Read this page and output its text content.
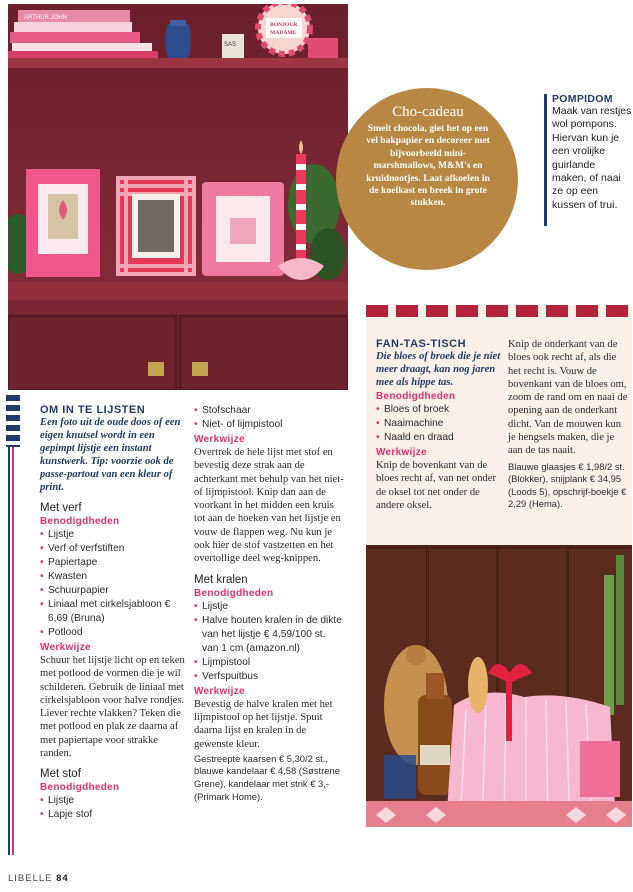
ARTHUR JOHN
SAS
BONJOUR
MADAME
Cho-cadeau
Smelt chocola, giet het op een vel bakpapier en decoreer met bijvoorbeeld mini-marshmallows, M&M's en kruidnootjes. Laat afkoelen in de koelkast en breek in grote stukken.
POMPIDOM
Maak van restjes wol pompons. Hiervan kun je een vrolijke guirlande maken, of naai ze op een kussen of trui.
FAN-TAS-TISCH
Die bloes of broek die je niet meer draagt, kan nog jaren mee als hippe tas.
Benodigdheden
• Bloes of broek
• Naaimachine
• Naald en draad
Werkwijze

Knip de bovenkant van de bloes recht af, van net onder de oksel tot net onder de andere oksel.

Knip de onderkant van de bloes ook recht af, als die het recht is. Vouw de bovenkant van de bloes om, zoom de rand om en naai de opening aan de onderkant dicht. Van de mouwen kun je hengsels maken, die je aan de tas naait.

Blauwe glaasjes € 1,98/2 st. (Blokker), snijplank € 34,95 (Loods 5), opschrijf-boekje € 2,29 (Hema).

OM IN TE LIJSTEN
Een foto uit de oude doos of een eigen knutsel wordt in een gepimpt lijstje een instant kunstwerk. Tip: voorzie ook de passe-partout van een kleur of print.
Met verf
Benodigdheden
• Lijstje
• Verf of verfstiften
• Papiertape
• Kwasten
• Schuurpapier
• Liniaal met cirkelsjabloon € 6,69 (Bruna)
• Potlood
Werkwijze

Schuur het lijstje licht op en teken met potlood de vormen die je wil schilderen. Gebruik de liniaal met cirkelsjabloon voor halve rondjes. Liever rechte vlakken? Teken die met potlood en plak ze daarna af met papiertape voor strakke randen.

Met stof
Benodigdheden
• Lijstje
• Lapje stof
• Stofschaar
• Niet- of lijmpistool
Werkwijze

Overtrek de hele lijst met stof en bevestig deze strak aan de achterkant met behulp van het niet- of lijmpistool. Knip dan aan de voorkant in het midden een kruis tot aan de hoeken van het lijstje en vouw de flappen weg. Nu kun je ook hier de stof vastzetten en het overtollige deel weg-knippen.

Met kralen
Benodigdheden
• Lijstje
• Halve houten kralen in de dikte van het lijstje € 4,59/100 st. van 1 cm (amazon.nl)
• Lijmpistool
• Verfspuitbus
Werkwijze

Bevestig de halve kralen met het lijmpistool op het lijstje. Spuit daarna lijst en kralen in de gewenste kleur.

Gestreepte kaarsen € 5,30/2 st., blauwe kandelaar € 4,58 (Søstrene Grene), kandelaar met strik € 3,- (Primark Home).

LIBELLE 84
